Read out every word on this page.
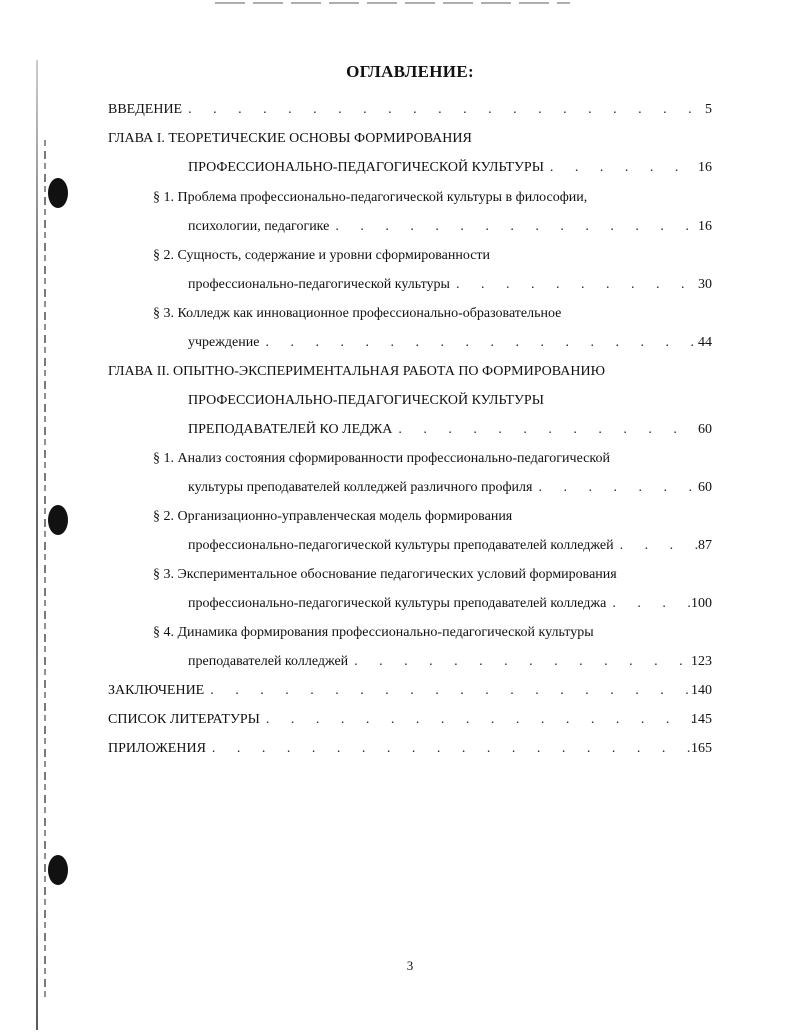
ОГЛАВЛЕНИЕ:
ВВЕДЕНИЕ . . .	5
ГЛАВА I. ТЕОРЕТИЧЕСКИЕ ОСНОВЫ ФОРМИРОВАНИЯ
ПРОФЕССИОНАЛЬНО-ПЕДАГОГИЧЕСКОЙ КУЛЬТУРЫ . . .	16
§ 1. Проблема профессионально-педагогической культуры в философии,
психологии, педагогике . . .	16
§ 2. Сущность, содержание и уровни сформированности
профессионально-педагогической культуры . . .	30
§ 3. Колледж как инновационное профессионально-образовательное
учреждение . . .	44
ГЛАВА II. ОПЫТНО-ЭКСПЕРИМЕНТАЛЬНАЯ РАБОТА ПО ФОРМИРОВАНИЮ
ПРОФЕССИОНАЛЬНО-ПЕДАГОГИЧЕСКОЙ КУЛЬТУРЫ
ПРЕПОДАВАТЕЛЕЙ КО ЛЕДЖА . . .	60
§ 1. Анализ состояния сформированности профессионально-педагогической
культуры преподавателей колледжей различного профиля . . .	60
§ 2. Организационно-управленческая модель формирования
профессионально-педагогической культуры преподавателей колледжей . . .	87
§ 3. Экспериментальное обоснование педагогических условий формирования
профессионально-педагогической культуры преподавателей колледжа . . .	100
§ 4. Динамика формирования профессионально-педагогической культуры
преподавателей колледжей . . .	123
ЗАКЛЮЧЕНИЕ . . .	140
СПИСОК ЛИТЕРАТУРЫ . . .	145
ПРИЛОЖЕНИЯ . . .	165
3
